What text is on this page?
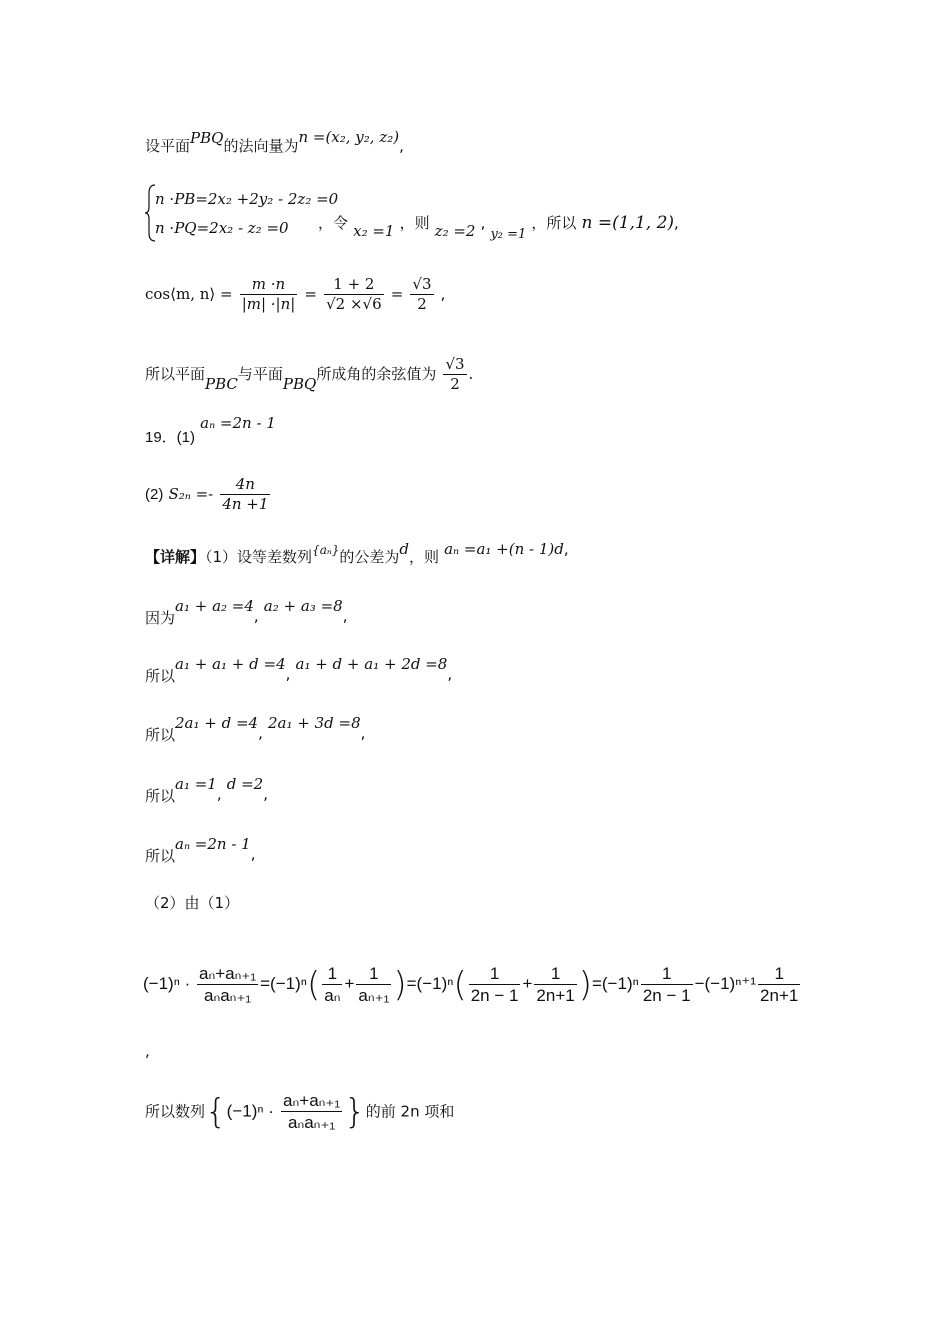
设平面PBQ的法向量为n =(x₂, y₂, z₂),
n ·PB=2x₂ +2y₂ - 2z₂ =0
n ·PQ=2x₂ - z₂ =0 ，令 x₂ =1 ，则 z₂ =2 , $_{y_2 =1}$ ，所以 n =(1,1, 2),
cos⟨m, n⟩ = $\frac{m \cdot n}{|m| \cdot|n|} = \frac{1 + 2}{√2 \times√6} = \frac{√3}{2}$ ,
所以平面PBC与平面PBQ所成角的余弦值为 $\frac{√3}{2}$ .
19．(1) aₙ =2n - 1
(2) $S_{2n} =- \frac{4n}{4n +1}$
【详解】（1）设等差数列{aₙ}的公差为d，则 aₙ =a₁ +(n - 1)d,
因为a₁ + a₂ =4, a₂ + a₃ =8,
所以a₁ + a₁ + d =4, a₁ + d + a₁ + 2d =8,
所以2a₁ + d =4, 2a₁ + 3d =8,
所以a₁ =1, d =2,
所以aₙ =2n - 1,
（2）由（1）
$(-1)^n \cdot \frac{\text{aₙ+aₙ₊₁}}{\text{aₙaₙ₊₁}} =(-1)^n( \frac{1}{\text{aₙ}} + \frac{1}{\text{aₙ₊₁}} )=(-1)^n( \frac{1}{2n - 1} + \frac{1}{2n+1} )=(-1)^n \frac{1}{2n - 1} -(-1)^{n+1} \frac{1}{2n+1}$
,
所以数列{$(-1)^n \cdot \frac{\text{aₙ+aₙ₊₁}}{\text{aₙaₙ₊₁}}$ }的前 2n 项和
